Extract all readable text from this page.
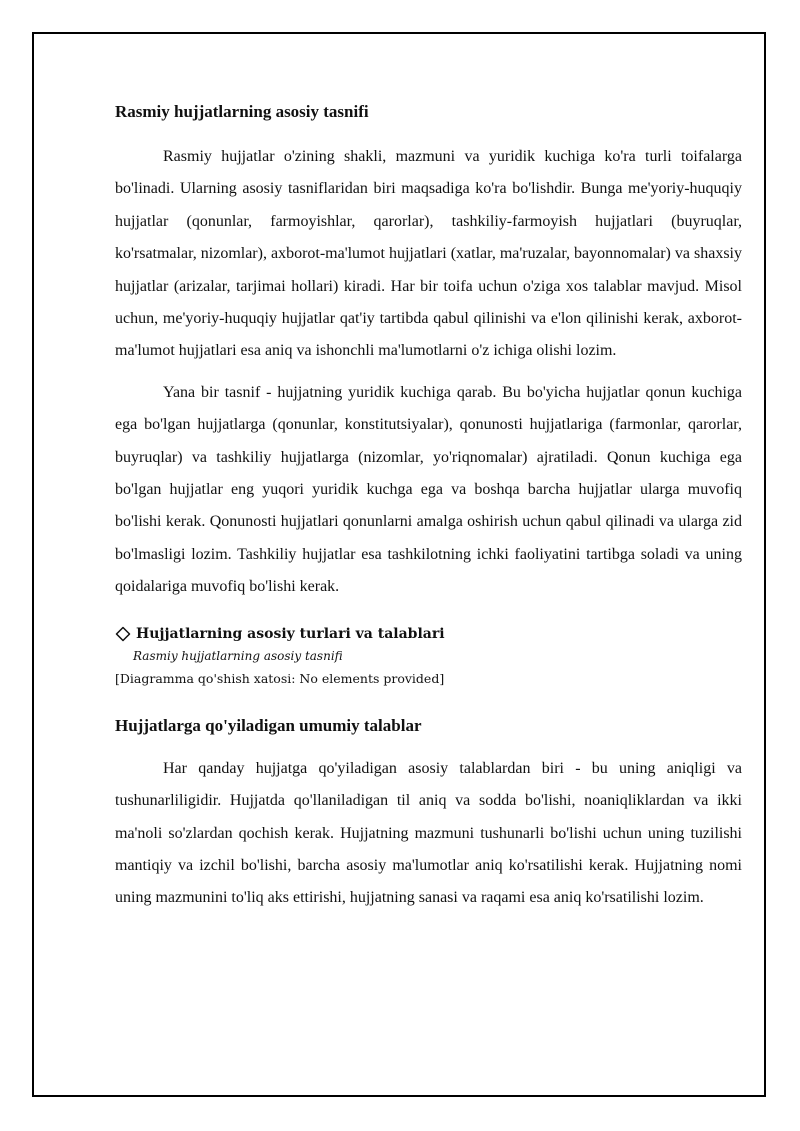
Rasmiy hujjatlarning asosiy tasnifi

Rasmiy hujjatlar o'zining shakli, mazmuni va yuridik kuchiga ko'ra turli toifalarga bo'linadi. Ularning asosiy tasniflaridan biri maqsadiga ko'ra bo'lishdir. Bunga me'yoriy-huquqiy hujjatlar (qonunlar, farmoyishlar, qarorlar), tashkiliy-farmoyish hujjatlari (buyruqlar, ko'rsatmalar, nizomlar), axborot-ma'lumot hujjatlari (xatlar, ma'ruzalar, bayonnomalar) va shaxsiy hujjatlar (arizalar, tarjimai hollari) kiradi. Har bir toifa uchun o'ziga xos talablar mavjud. Misol uchun, me'yoriy-huquqiy hujjatlar qat'iy tartibda qabul qilinishi va e'lon qilinishi kerak, axborot-ma'lumot hujjatlari esa aniq va ishonchli ma'lumotlarni o'z ichiga olishi lozim.

Yana bir tasnif - hujjatning yuridik kuchiga qarab. Bu bo'yicha hujjatlar qonun kuchiga ega bo'lgan hujjatlarga (qonunlar, konstitutsiyalar), qonunosti hujjatlariga (farmonlar, qarorlar, buyruqlar) va tashkiliy hujjatlarga (nizomlar, yo'riqnomalar) ajratiladi. Qonun kuchiga ega bo'lgan hujjatlar eng yuqori yuridik kuchga ega va boshqa barcha hujjatlar ularga muvofiq bo'lishi kerak. Qonunosti hujjatlari qonunlarni amalga oshirish uchun qabul qilinadi va ularga zid bo'lmasligi lozim. Tashkiliy hujjatlar esa tashkilotning ichki faoliyatini tartibga soladi va uning qoidalariga muvofiq bo'lishi kerak.

Hujjatlarning asosiy turlari va talablari
Rasmiy hujjatlarning asosiy tasnifi
[Diagramma qo'shish xatosi: No elements provided]
Hujjatlarga qo'yiladigan umumiy talablar

Har qanday hujjatga qo'yiladigan asosiy talablardan biri - bu uning aniqligi va tushunarliligidir. Hujjatda qo'llaniladigan til aniq va sodda bo'lishi, noaniqliklardan va ikki ma'noli so'zlardan qochish kerak. Hujjatning mazmuni tushunarli bo'lishi uchun uning tuzilishi mantiqiy va izchil bo'lishi, barcha asosiy ma'lumotlar aniq ko'rsatilishi kerak. Hujjatning nomi uning mazmunini to'liq aks ettirishi, hujjatning sanasi va raqami esa aniq ko'rsatilishi lozim.
